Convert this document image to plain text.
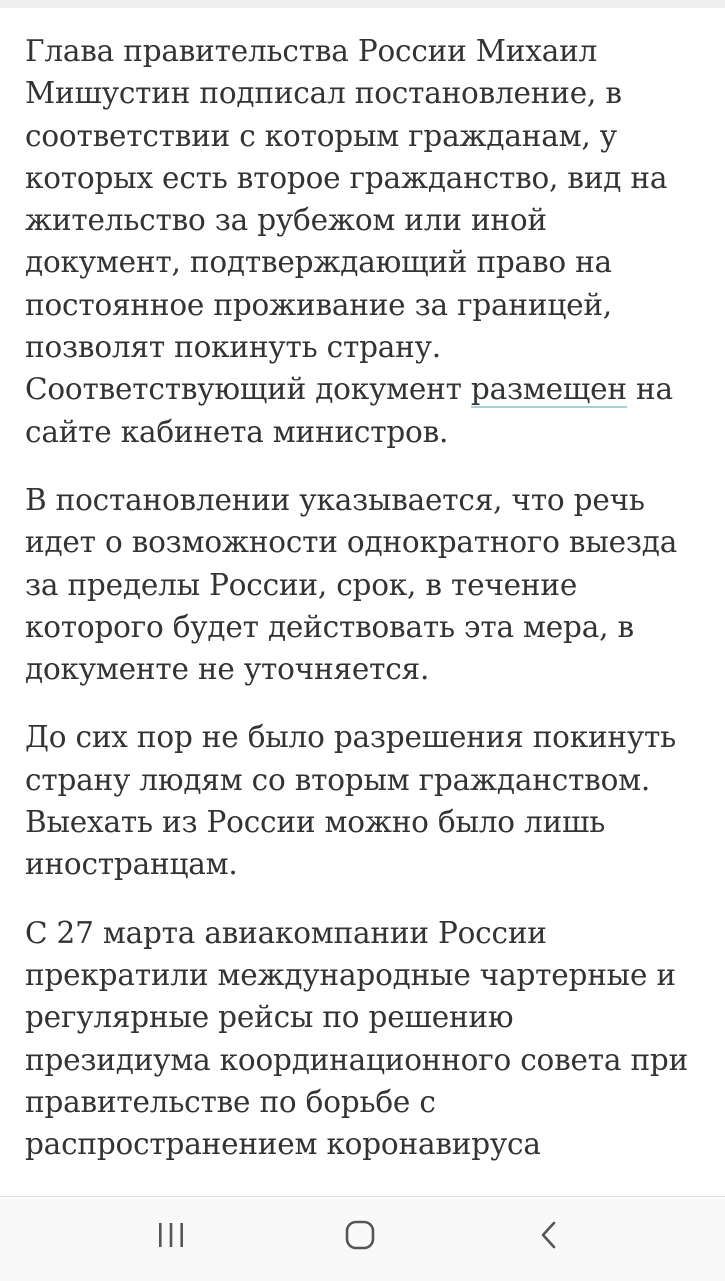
Глава правительства России Михаил Мишустин подписал постановление, в соответствии с которым гражданам, у которых есть второе гражданство, вид на жительство за рубежом или иной документ, подтверждающий право на постоянное проживание за границей, позволят покинуть страну. Соответствующий документ размещен на сайте кабинета министров.

В постановлении указывается, что речь идет о возможности однократного выезда за пределы России, срок, в течение которого будет действовать эта мера, в документе не уточняется.

До сих пор не было разрешения покинуть страну людям со вторым гражданством. Выехать из России можно было лишь иностранцам.

С 27 марта авиакомпании России прекратили международные чартерные и регулярные рейсы по решению президиума координационного совета при правительстве по борьбе с распространением коронавируса
